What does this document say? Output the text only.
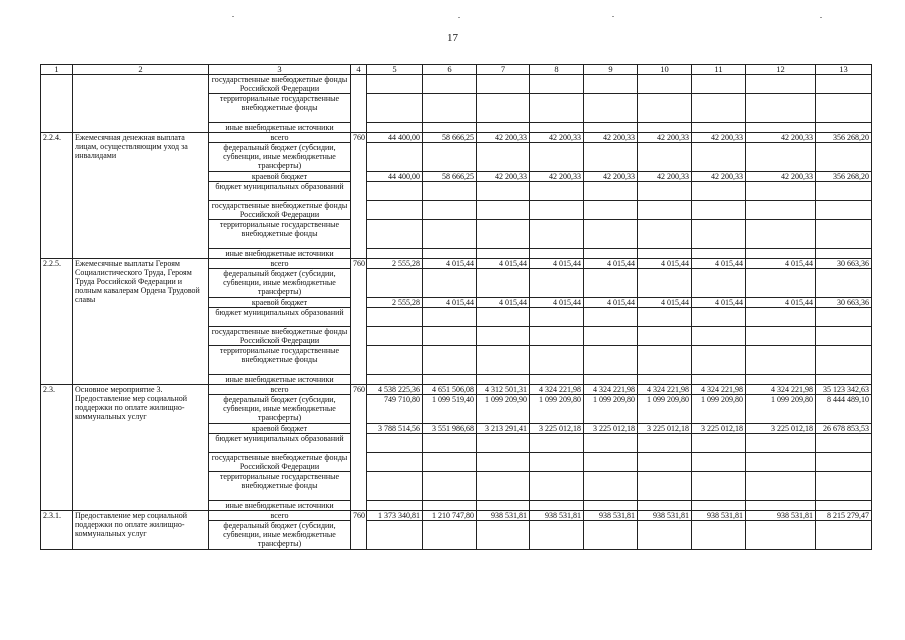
17
1	2	3	4	5	6	7	8	9	10	11	12	13
		государственные внебюджетные фонды Российской Федерации										
		территориальные государственные внебюджетные фонды										
		иные внебюджетные источники										
2.2.4.	Ежемесячная денежная выплата лицам, осуществляющим уход за инвалидами	всего	760	44 400,00	58 666,25	42 200,33	42 200,33	42 200,33	42 200,33	42 200,33	42 200,33	356 268,20
		федеральный бюджет (субсидии, субвенции, иные межбюджетные трансферты)										
		краевой бюджет		44 400,00	58 666,25	42 200,33	42 200,33	42 200,33	42 200,33	42 200,33	42 200,33	356 268,20
		бюджет муниципальных образований										
		государственные внебюджетные фонды Российской Федерации										
		территориальные государственные внебюджетные фонды										
		иные внебюджетные источники										
2.2.5.	Ежемесячные выплаты Героям Социалистического Труда, Героям Труда Российской Федерации и полным кавалерам Ордена Трудовой славы	всего	760	2 555,28	4 015,44	4 015,44	4 015,44	4 015,44	4 015,44	4 015,44	4 015,44	30 663,36
		федеральный бюджет (субсидии, субвенции, иные межбюджетные трансферты)										
		краевой бюджет		2 555,28	4 015,44	4 015,44	4 015,44	4 015,44	4 015,44	4 015,44	4 015,44	30 663,36
		бюджет муниципальных образований										
		государственные внебюджетные фонды Российской Федерации										
		территориальные государственные внебюджетные фонды										
		иные внебюджетные источники										
2.3.	Основное мероприятие 3. Предоставление мер социальной поддержки по оплате жилищно-коммунальных услуг	всего	760	4 538 225,36	4 651 506,08	4 312 501,31	4 324 221,98	4 324 221,98	4 324 221,98	4 324 221,98	4 324 221,98	35 123 342,63
		федеральный бюджет (субсидии, субвенции, иные межбюджетные трансферты)		749 710,80	1 099 519,40	1 099 209,90	1 099 209,80	1 099 209,80	1 099 209,80	1 099 209,80	1 099 209,80	8 444 489,10
		краевой бюджет		3 788 514,56	3 551 986,68	3 213 291,41	3 225 012,18	3 225 012,18	3 225 012,18	3 225 012,18	3 225 012,18	26 678 853,53
		бюджет муниципальных образований										
		государственные внебюджетные фонды Российской Федерации										
		территориальные государственные внебюджетные фонды										
		иные внебюджетные источники										
2.3.1.	Предоставление мер социальной поддержки по оплате жилищно-коммунальных услуг	всего	760	1 373 340,81	1 210 747,80	938 531,81	938 531,81	938 531,81	938 531,81	938 531,81	938 531,81	8 215 279,47
		федеральный бюджет (субсидии, субвенции, иные межбюджетные трансферты)										
